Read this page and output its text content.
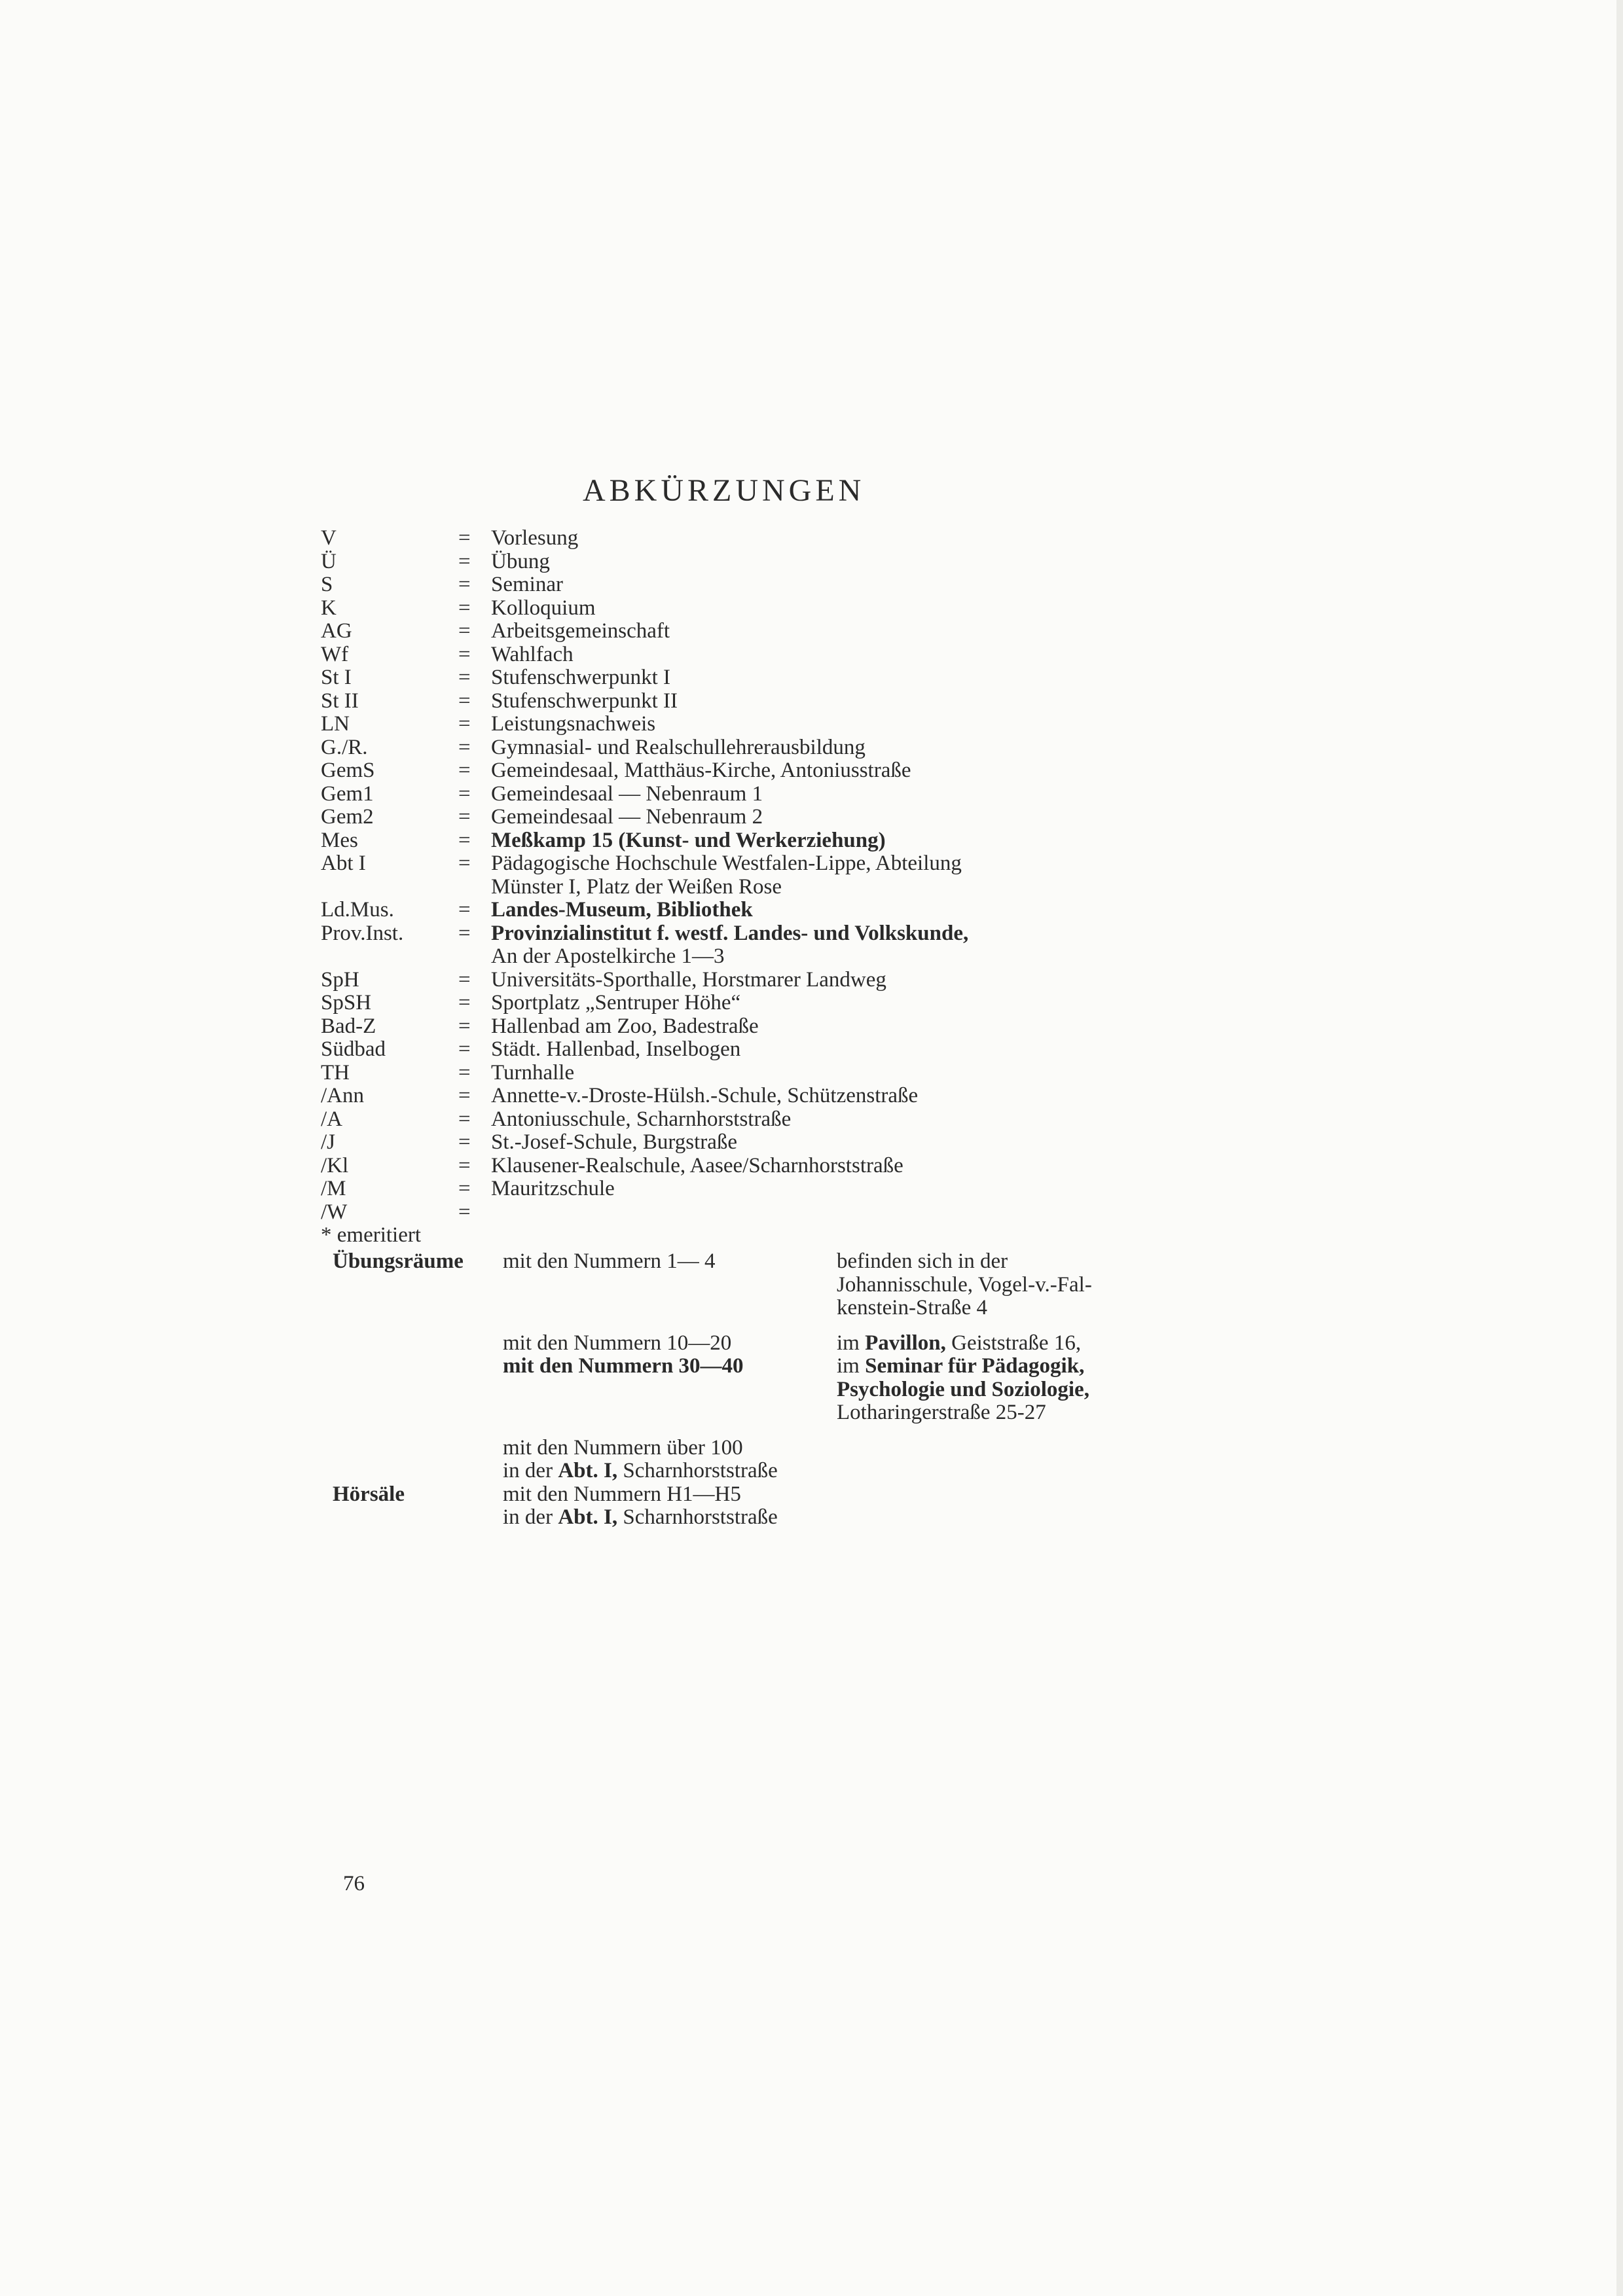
ABKÜRZUNGEN
V	= Vorlesung
Ü	= Übung
S	= Seminar
K	= Kolloquium
AG	= Arbeitsgemeinschaft
Wf	= Wahlfach
St I	= Stufenschwerpunkt I
St II	= Stufenschwerpunkt II
LN	= Leistungsnachweis
G./R.	= Gymnasial- und Realschullehrerausbildung
GemS	= Gemeindesaal, Matthäus-Kirche, Antoniusstraße
Gem1	= Gemeindesaal — Nebenraum 1
Gem2	= Gemeindesaal — Nebenraum 2
Mes	= Meßkamp 15 (Kunst- und Werkerziehung)
Abt I	= Pädagogische Hochschule Westfalen-Lippe, Abteilung
Münster I, Platz der Weißen Rose
Ld.Mus.	= Landes-Museum, Bibliothek
Prov.Inst.	= Provinzialinstitut f. westf. Landes- und Volkskunde,
An der Apostelkirche 1—3
SpH	= Universitäts-Sporthalle, Horstmarer Landweg
SpSH	= Sportplatz „Sentruper Höhe“
Bad-Z	= Hallenbad am Zoo, Badestraße
Südbad	= Städt. Hallenbad, Inselbogen
TH	= Turnhalle
/Ann	= Annette-v.-Droste-Hülsh.-Schule, Schützenstraße
/A	= Antoniusschule, Scharnhorststraße
/J	= St.-Josef-Schule, Burgstraße
/Kl	= Klausener-Realschule, Aasee/Scharnhorststraße
/M	= Mauritzschule
/W	=
* emeritiert
Übungsräume	mit den Nummern 1— 4	befinden sich in der
Johannisschule, Vogel-v.-Fal-
kenstein-Straße 4
mit den Nummern 10—20	im Pavillon, Geiststraße 16,
mit den Nummern 30—40	im Seminar für Pädagogik,
Psychologie und Soziologie,
Lotharingerstraße 25-27
mit den Nummern über 100
in der Abt. I, Scharnhorststraße
Hörsäle	mit den Nummern H1—H5
in der Abt. I, Scharnhorststraße
76
